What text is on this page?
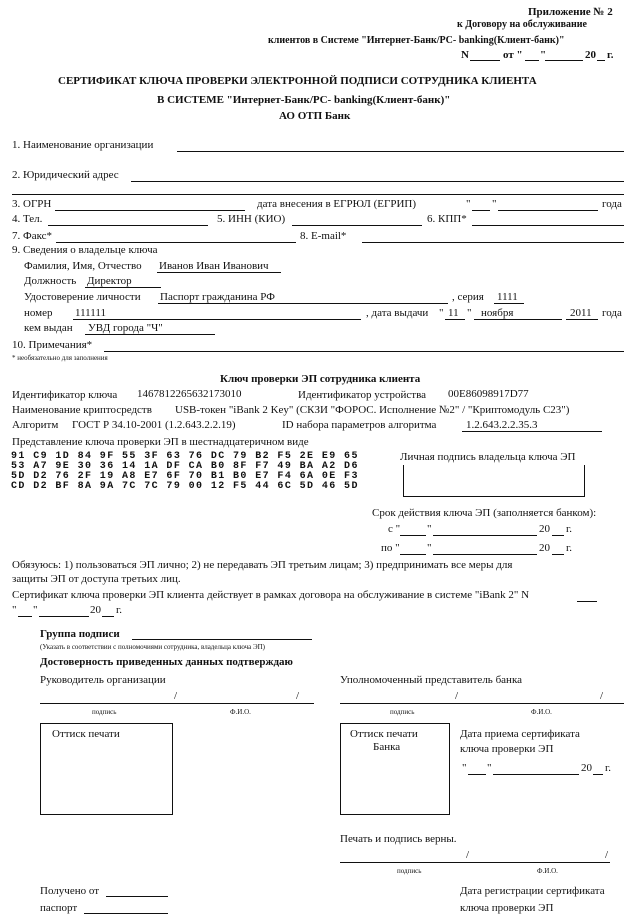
Приложение № 2
к Договору на обслуживание
клиентов в Системе "Интернет-Банк/PC- banking(Клиент-банк)"
N	от " "	20 г.
СЕРТИФИКАТ КЛЮЧА ПРОВЕРКИ ЭЛЕКТРОННОЙ ПОДПИСИ СОТРУДНИКА КЛИЕНТА
В СИСТЕМЕ "Интернет-Банк/PC- banking(Клиент-банк)"
АО ОТП Банк
1. Наименование организации
2. Юридический адрес
3. ОГРН	дата внесения в ЕГРЮЛ (ЕГРИП)	" "	года
4. Тел.	5. ИНН (КИО)	6. КПП*
7. Факс*	8. E-mail*
9. Сведения о владельце ключа
Фамилия, Имя, Отчество Иванов Иван Иванович
Должность Директор
Удостоверение личности Паспорт гражданина РФ	, серия 1111
номер 111111	, дата выдачи " 11 " ноября	2011 года
кем выдан УВД города "Ч"
10. Примечания*
* необязательно для заполнения
Ключ проверки ЭП сотрудника клиента
Идентификатор ключа 1467812265632173010	Идентификатор устройства 00E86098917D77
Наименование криптосредств USB-токен "iBank 2 Key" (СКЗИ "ФОРОС. Исполнение №2" / "Криптомодуль С23")
Алгоритм ГОСТ Р 34.10-2001 (1.2.643.2.2.19)	ID набора параметров алгоритма	1.2.643.2.2.35.3
Представление ключа проверки ЭП в шестнадцатеричном виде
91 C9 1D 84 9F 55 3F 63 76 DC 79 B2 F5 2E E9 65
53 A7 9E 30 36 14 1A DF CA B0 8F F7 49 BA A2 D6
5D D2 76 2F 19 A8 E7 6F 70 B1 B0 E7 F4 6A 0E F3
CD D2 BF 8A 9A 7C 7C 79 00 12 F5 44 6C 5D 46 5D
Личная подпись владельца ключа ЭП
Срок действия ключа ЭП (заполняется банком):
с " "	20 г.
по " "	20 г.
Обязуюсь: 1) пользоваться ЭП лично; 2) не передавать ЭП третьим лицам; 3) предпринимать все меры для
защиты ЭП от доступа третьих лиц.
Сертификат ключа проверки ЭП клиента действует в рамках договора на обслуживание в системе "iBank 2" N
" "	20 г.
Группа подписи
(Указать в соответствии с полномочиями сотрудника, владельца ключа ЭП)
Достоверность приведенных данных подтверждаю
Руководитель организации	Уполномоченный представитель банка
/	/
подпись	Ф.И.О.
/	/
подпись	Ф.И.О.
Оттиск печати	Оттиск печати
Банка
Дата приема сертификата
ключа проверки ЭП
" "	20 г.
Печать и подпись верны.
/	/
подпись	Ф.И.О.
Получено от
паспорт
Дата регистрации сертификата
ключа проверки ЭП
